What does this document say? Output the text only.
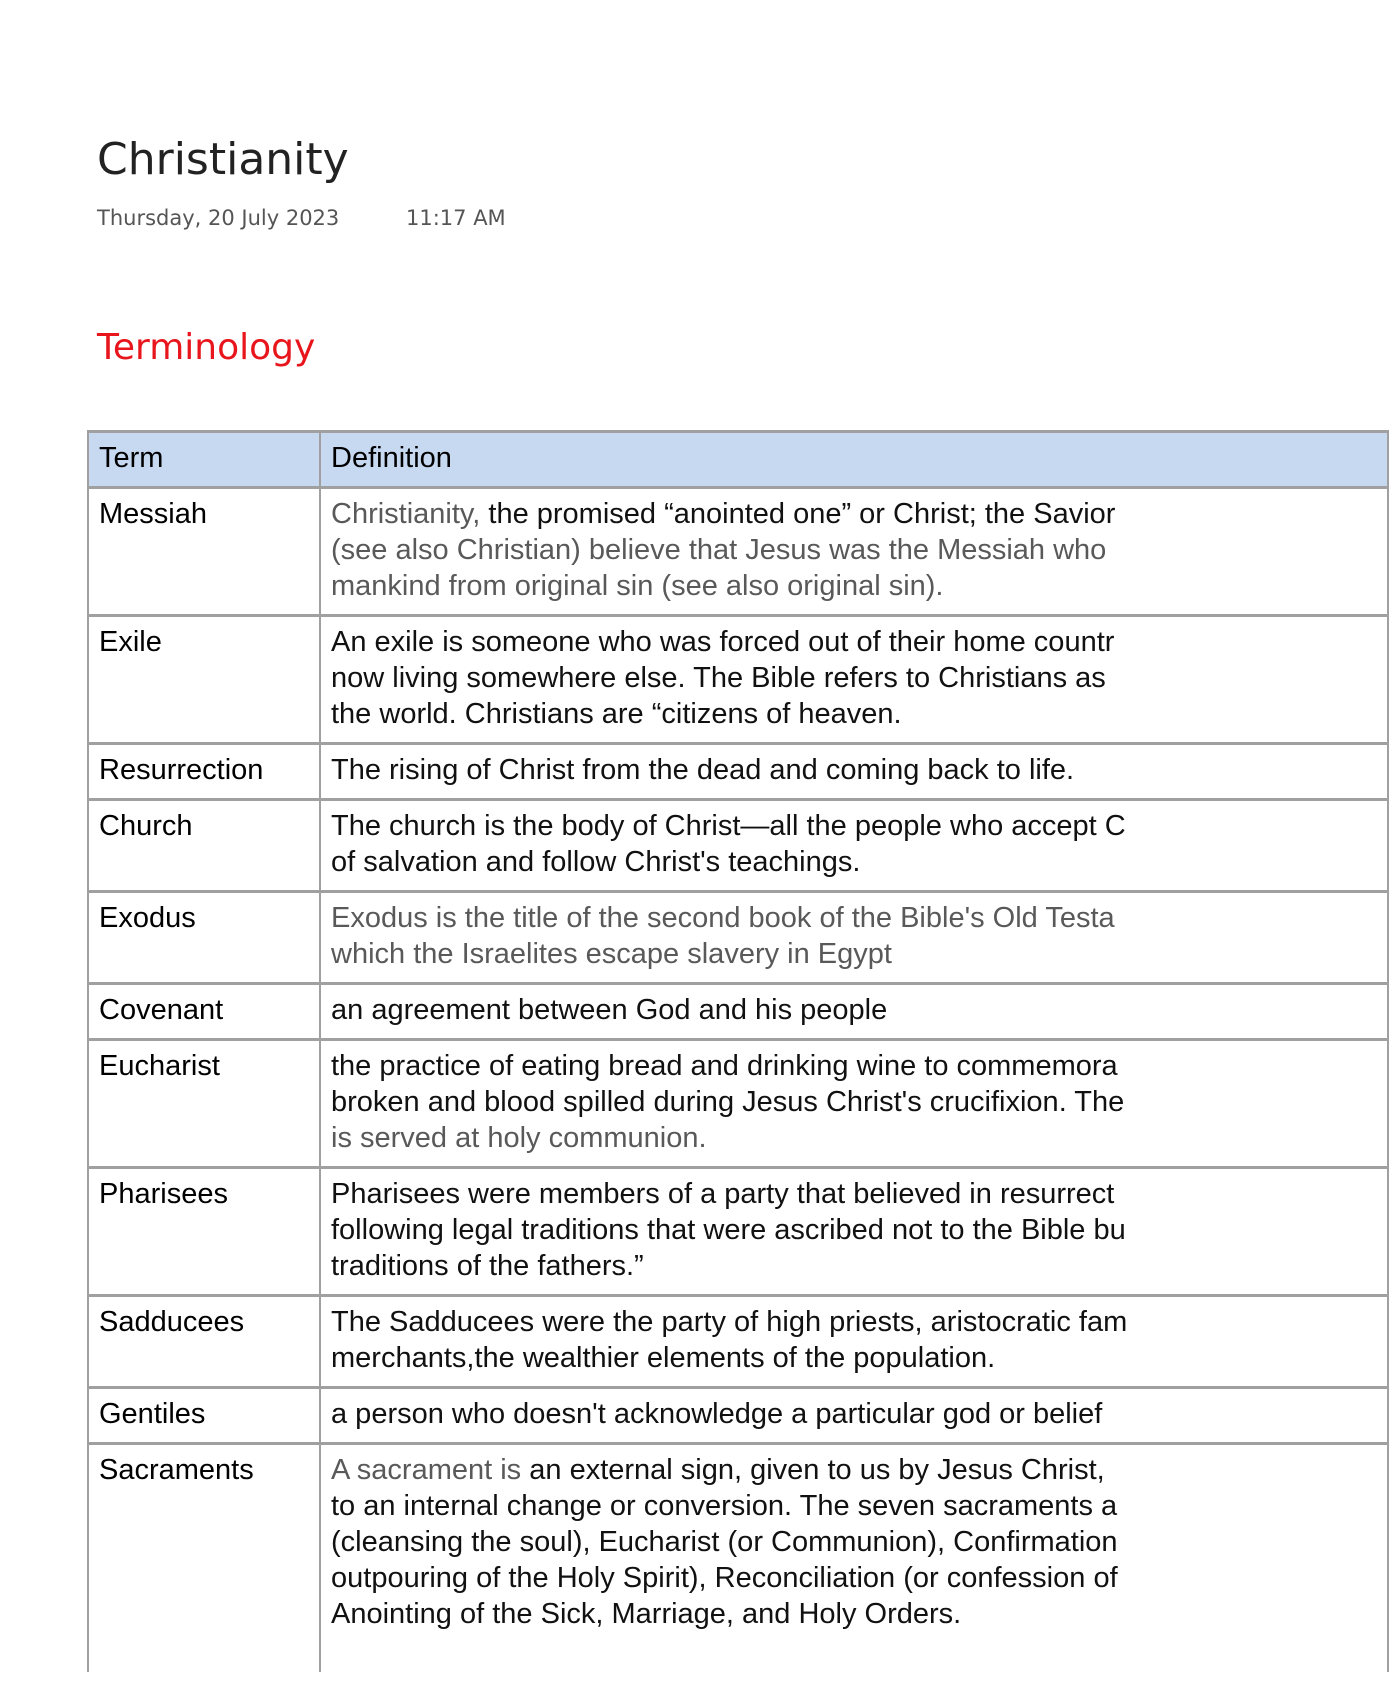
Christianity
Thursday, 20 July 2023	11:17 AM
Terminology
Term	Definition
Messiah	Christianity, the promised “anointed one” or Christ; the Savior
(see also Christian) believe that Jesus was the Messiah who
mankind from original sin (see also original sin).

Exile	An exile is someone who was forced out of their home countr
now living somewhere else. The Bible refers to Christians as
the world. Christians are “citizens of heaven.

Resurrection	The rising of Christ from the dead and coming back to life.

Church	The church is the body of Christ—all the people who accept C
of salvation and follow Christ's teachings.

Exodus	Exodus is the title of the second book of the Bible's Old Testa
which the Israelites escape slavery in Egypt

Covenant	an agreement between God and his people

Eucharist	the practice of eating bread and drinking wine to commemora
broken and blood spilled during Jesus Christ's crucifixion. The
is served at holy communion.

Pharisees	Pharisees were members of a party that believed in resurrect
following legal traditions that were ascribed not to the Bible bu
traditions of the fathers.”

Sadducees	The Sadducees were the party of high priests, aristocratic fam
merchants,the wealthier elements of the population.

Gentiles	a person who doesn't acknowledge a particular god or belief

Sacraments	A sacrament is an external sign, given to us by Jesus Christ,
to an internal change or conversion. The seven sacraments a
(cleansing the soul), Eucharist (or Communion), Confirmation
outpouring of the Holy Spirit), Reconciliation (or confession of
Anointing of the Sick, Marriage, and Holy Orders.
